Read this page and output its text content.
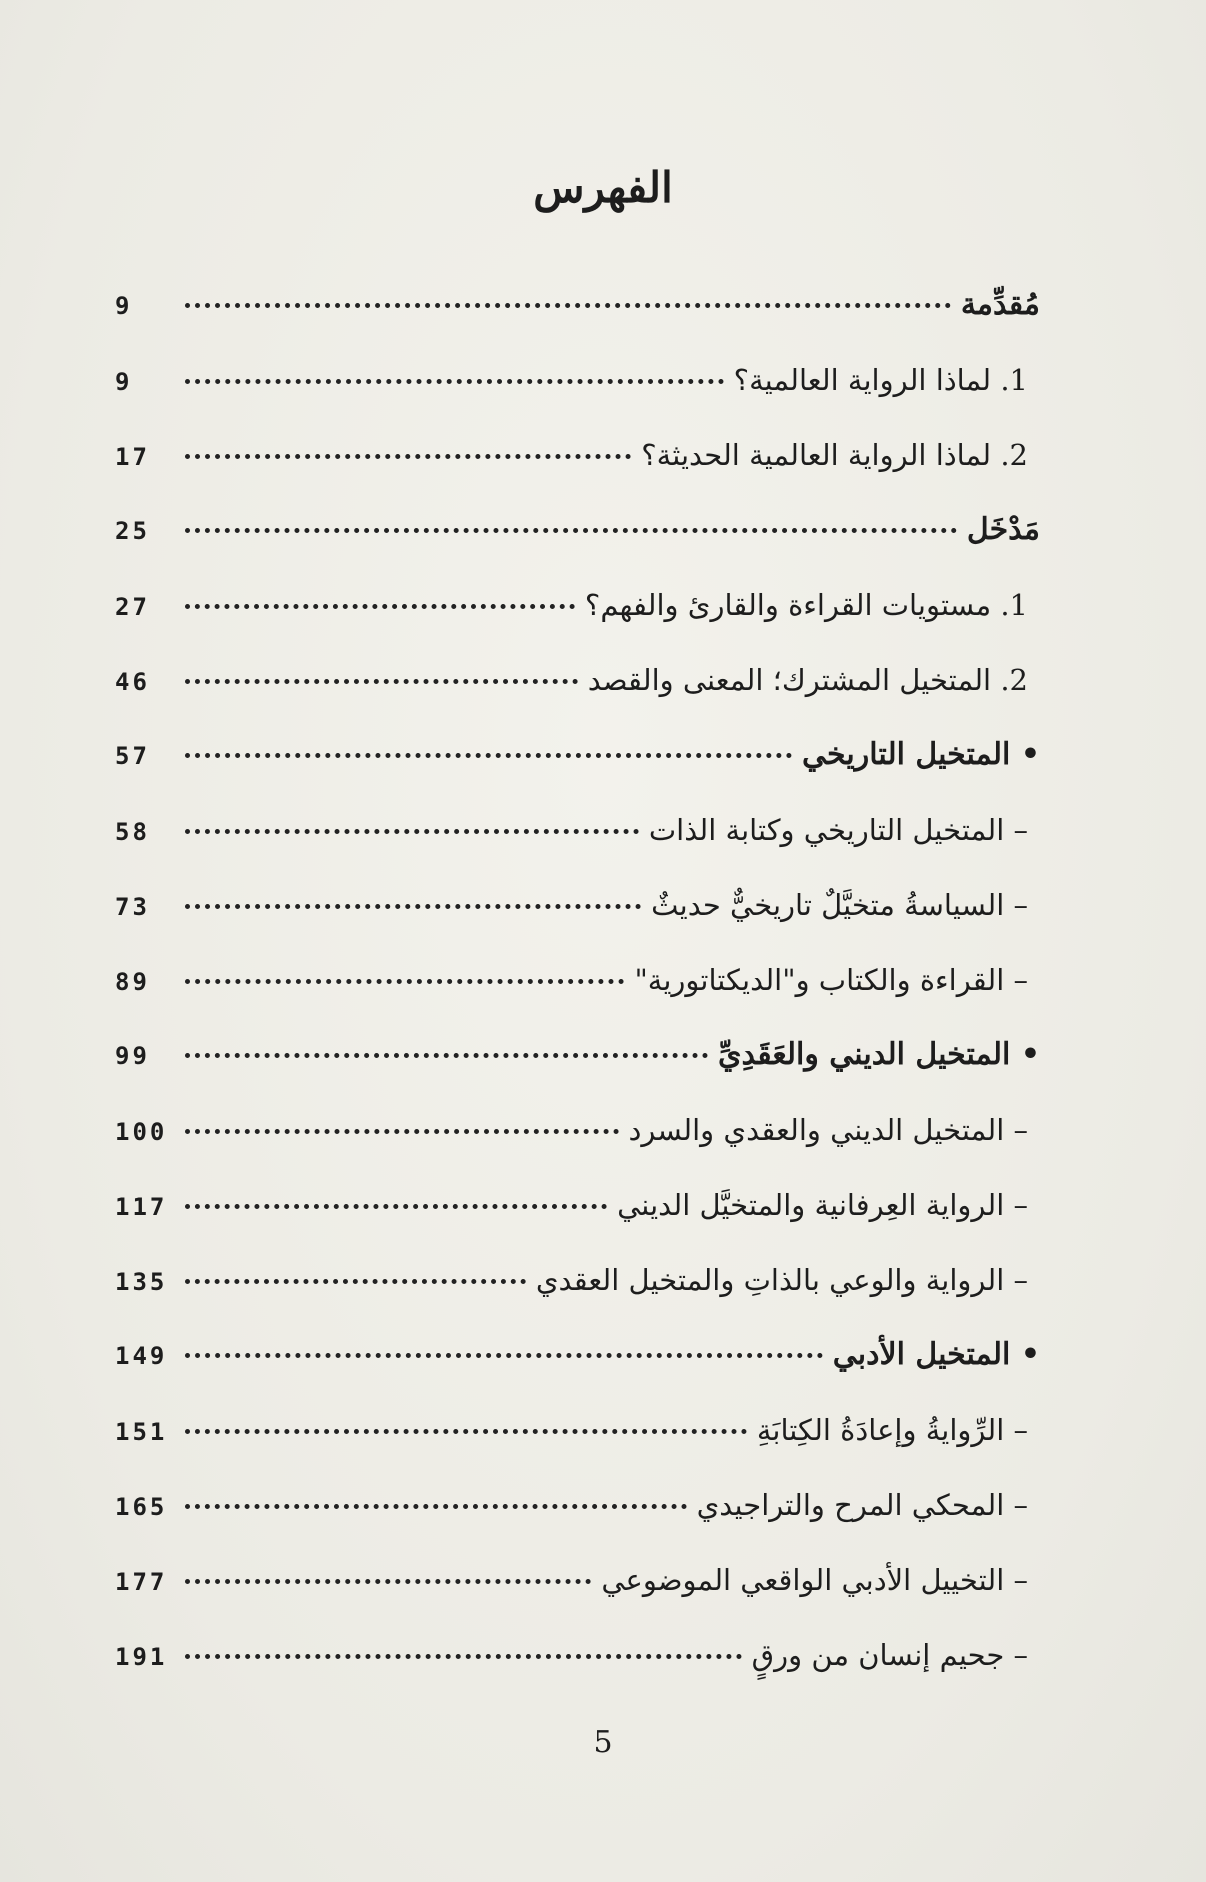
الفهرس
مُقدِّمة
9
1. لماذا الرواية العالمية؟
9
2. لماذا الرواية العالمية الحديثة؟
17
مَدْخَل
25
1. مستويات القراءة والقارئ والفهم؟
27
2. المتخيل المشترك؛ المعنى والقصد
46
• المتخيل التاريخي
57
– المتخيل التاريخي وكتابة الذات
58
– السياسةُ متخيَّلٌ تاريخيٌّ حديثٌ
73
– القراءة والكتاب و"الديكتاتورية"
89
• المتخيل الديني والعَقَدِيِّ
99
– المتخيل الديني والعقدي والسرد
100
– الرواية العِرفانية والمتخيَّل الديني
117
– الرواية والوعي بالذاتِ والمتخيل العقدي
135
• المتخيل الأدبي
149
– الرِّوايةُ وإعادَةُ الكِتابَةِ
151
– المحكي المرح والتراجيدي
165
– التخييل الأدبي الواقعي الموضوعي
177
– جحيم إنسان من ورقٍ
191
5
